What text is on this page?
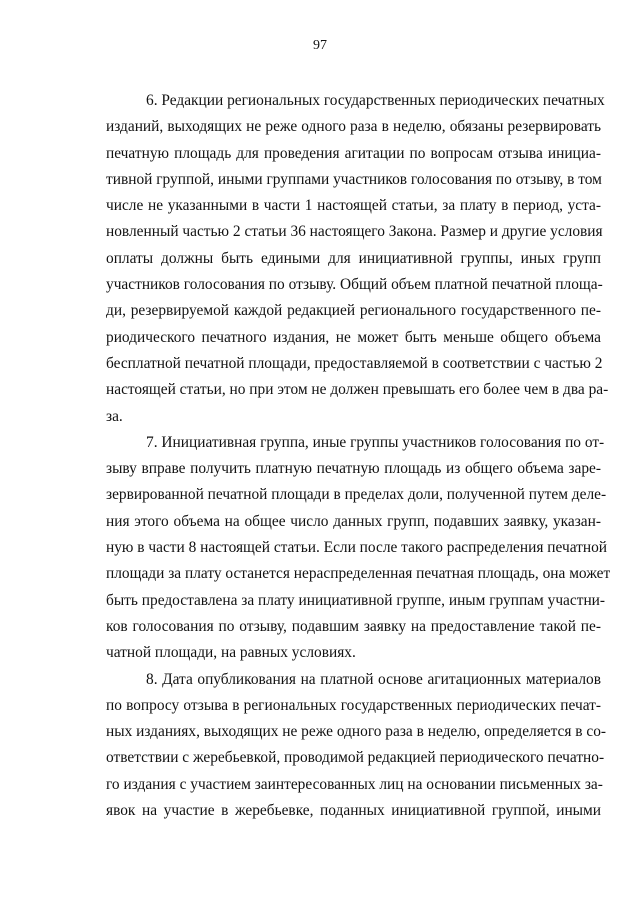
97
6. Редакции региональных государственных периодических печатных
изданий, выходящих не реже одного раза в неделю, обязаны резервировать
печатную площадь для проведения агитации по вопросам отзыва инициа-
тивной группой, иными группами участников голосования по отзыву, в том
числе не указанными в части 1 настоящей статьи, за плату в период, уста-
новленный частью 2 статьи 36 настоящего Закона. Размер и другие условия
оплаты должны быть едиными для инициативной группы, иных групп
участников голосования по отзыву. Общий объем платной печатной площа-
ди, резервируемой каждой редакцией регионального государственного пе-
риодического печатного издания, не может быть меньше общего объема
бесплатной печатной площади, предоставляемой в соответствии с частью 2
настоящей статьи, но при этом не должен превышать его более чем в два ра-
за.
7. Инициативная группа, иные группы участников голосования по от-
зыву вправе получить платную печатную площадь из общего объема заре-
зервированной печатной площади в пределах доли, полученной путем деле-
ния этого объема на общее число данных групп, подавших заявку, указан-
ную в части 8 настоящей статьи. Если после такого распределения печатной
площади за плату останется нераспределенная печатная площадь, она может
быть предоставлена за плату инициативной группе, иным группам участни-
ков голосования по отзыву, подавшим заявку на предоставление такой пе-
чатной площади, на равных условиях.
8. Дата опубликования на платной основе агитационных материалов
по вопросу отзыва в региональных государственных периодических печат-
ных изданиях, выходящих не реже одного раза в неделю, определяется в со-
ответствии с жеребьевкой, проводимой редакцией периодического печатно-
го издания с участием заинтересованных лиц на основании письменных за-
явок на участие в жеребьевке, поданных инициативной группой, иными
